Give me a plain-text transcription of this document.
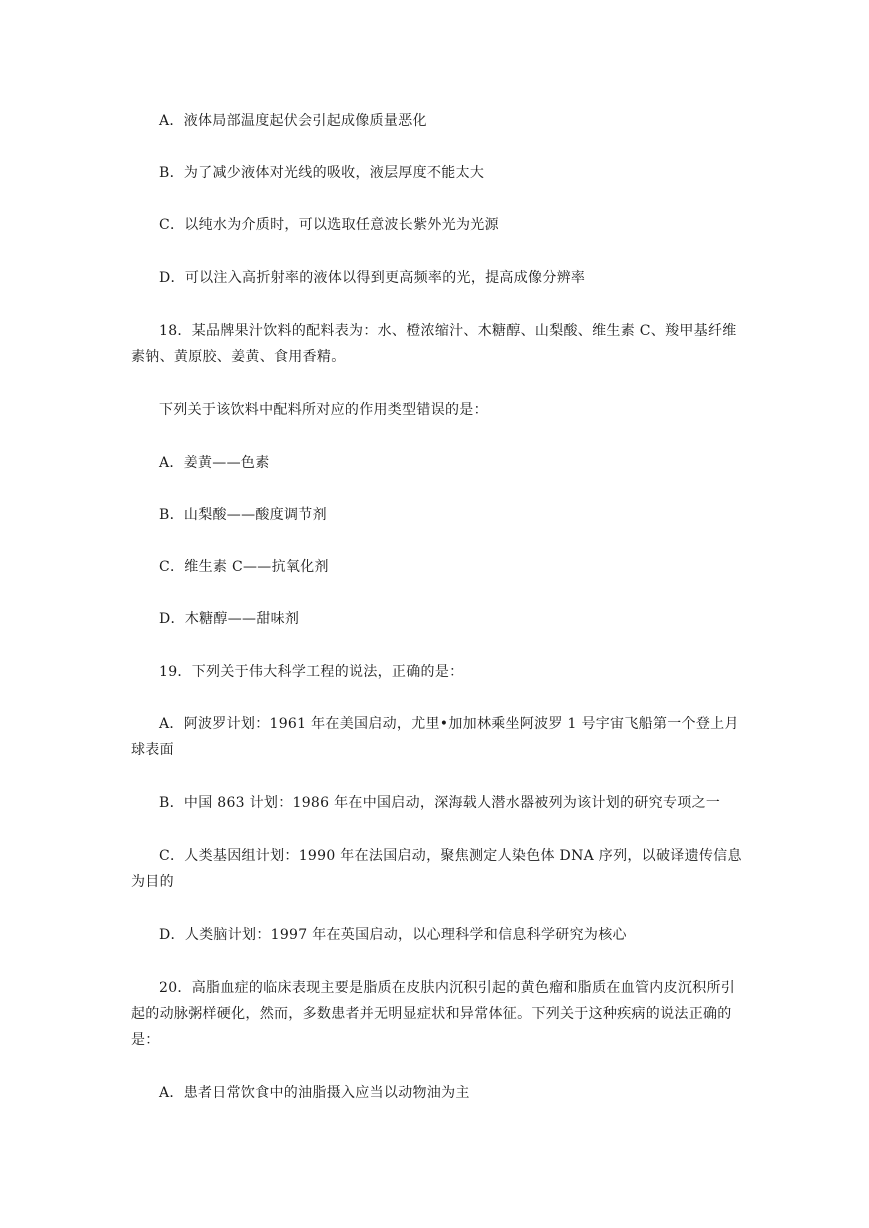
A．液体局部温度起伏会引起成像质量恶化

B．为了减少液体对光线的吸收，液层厚度不能太大

C．以纯水为介质时，可以选取任意波长紫外光为光源

D．可以注入高折射率的液体以得到更高频率的光，提高成像分辨率

18．某品牌果汁饮料的配料表为：水、橙浓缩汁、木糖醇、山梨酸、维生素 C、羧甲基纤维素钠、黄原胶、姜黄、食用香精。

下列关于该饮料中配料所对应的作用类型错误的是：

A．姜黄——色素

B．山梨酸——酸度调节剂

C．维生素 C——抗氧化剂

D．木糖醇——甜味剂

19．下列关于伟大科学工程的说法，正确的是：

A．阿波罗计划：1961 年在美国启动，尤里•加加林乘坐阿波罗 1 号宇宙飞船第一个登上月球表面

B．中国 863 计划：1986 年在中国启动，深海载人潜水器被列为该计划的研究专项之一

C．人类基因组计划：1990 年在法国启动，聚焦测定人染色体 DNA 序列，以破译遗传信息为目的

D．人类脑计划：1997 年在英国启动，以心理科学和信息科学研究为核心

20．高脂血症的临床表现主要是脂质在皮肤内沉积引起的黄色瘤和脂质在血管内皮沉积所引起的动脉粥样硬化，然而，多数患者并无明显症状和异常体征。下列关于这种疾病的说法正确的是：

A．患者日常饮食中的油脂摄入应当以动物油为主
